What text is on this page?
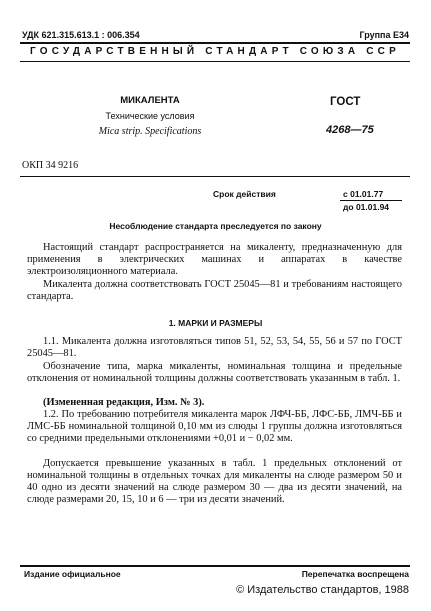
УДК 621.315.613.1 : 006.354	Группа Е34
ГОСУДАРСТВЕННЫЙ СТАНДАРТ СОЮЗА ССР
МИКАЛЕНТА
Технические условия
Mica strip. Specifications
ГОСТ
4268—75
ОКП 34 9216
Срок действия	с 01.01.77
до 01.01.94
Несоблюдение стандарта преследуется по закону
Настоящий стандарт распространяется на микаленту, предназначенную для применения в электрических машинах и аппаратах в качестве электроизоляционного материала.
Микалента должна соответствовать ГОСТ 25045—81 и требованиям настоящего стандарта.
1. МАРКИ И РАЗМЕРЫ
1.1. Микалента должна изготовляться типов 51, 52, 53, 54, 55, 56 и 57 по ГОСТ 25045—81.
Обозначение типа, марка микаленты, номинальная толщина и предельные отклонения от номинальной толщины должны соответствовать указанным в табл. 1.
(Измененная редакция, Изм. № 3).
1.2. По требованию потребителя микалента марок ЛФЧ-ББ, ЛФС-ББ, ЛМЧ-ББ и ЛМС-ББ номинальной толщиной 0,10 мм из слюды 1 группы должна изготовляться со средними предельными отклонениями +0,01 и − 0,02 мм.
Допускается превышение указанных в табл. 1 предельных отклонений от номинальной толщины в отдельных точках для микаленты на слюде размером 50 и 40 одно из десяти значений на слюде размером 30 — два из десяти значений, на слюде размерами 20, 15, 10 и 6 — три из десяти значений.
Издание официальное	Перепечатка воспрещена
© Издательство стандартов, 1988
